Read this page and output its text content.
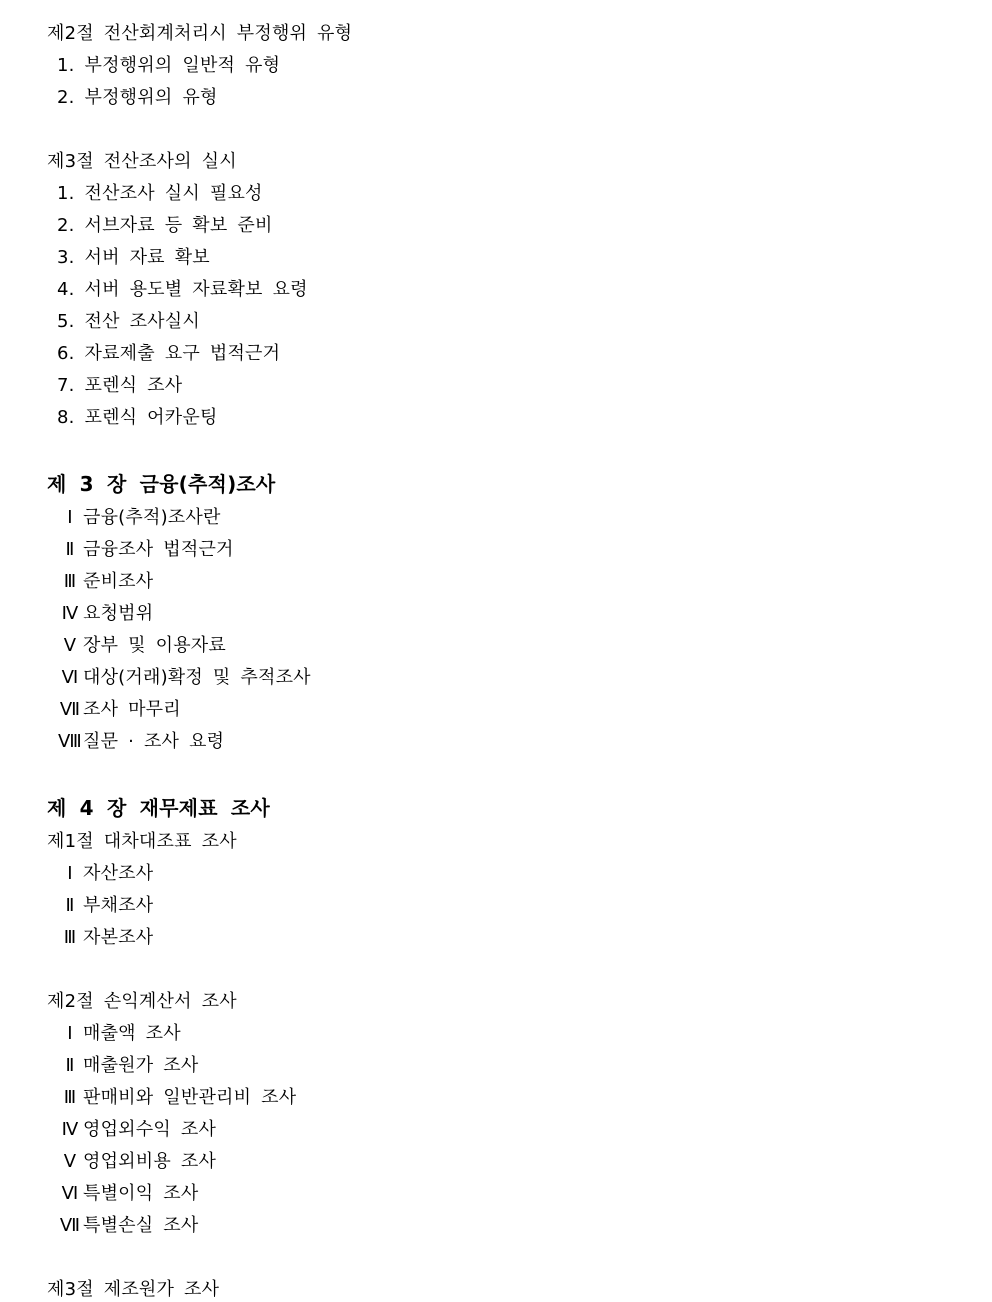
제2절 전산회계처리시 부정행위 유형
1. 부정행위의 일반적 유형
2. 부정행위의 유형
제3절 전산조사의 실시
1. 전산조사 실시 필요성
2. 서브자료 등 확보 준비
3. 서버 자료 확보
4. 서버 용도별 자료확보 요령
5. 전산 조사실시
6. 자료제출 요구 법적근거
7. 포렌식 조사
8. 포렌식 어카운팅
제 3 장 금융(추적)조사
Ⅰ 금융(추적)조사란
Ⅱ 금융조사 법적근거
Ⅲ 준비조사
Ⅳ 요청범위
Ⅴ 장부 및 이용자료
Ⅵ 대상(거래)확정 및 추적조사
Ⅶ 조사 마무리
Ⅷ질문 · 조사 요령
제 4 장 재무제표 조사
제1절 대차대조표 조사
Ⅰ 자산조사
Ⅱ 부채조사
Ⅲ 자본조사
제2절 손익계산서 조사
Ⅰ 매출액 조사
Ⅱ 매출원가 조사
Ⅲ 판매비와 일반관리비 조사
Ⅳ 영업외수익 조사
Ⅴ 영업외비용 조사
Ⅵ 특별이익 조사
Ⅶ 특별손실 조사
제3절 제조원가 조사
